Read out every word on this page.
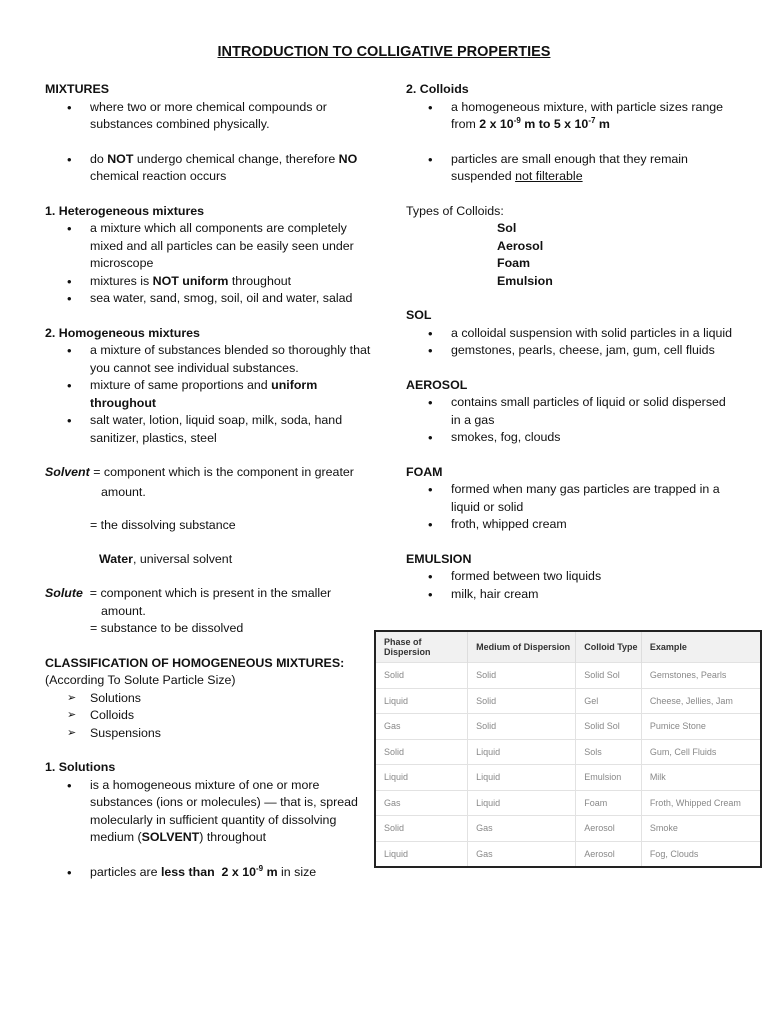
INTRODUCTION TO COLLIGATIVE PROPERTIES

MIXTURES

• where two or more chemical compounds or substances combined physically.
• do NOT undergo chemical change, therefore NO chemical reaction occurs

1. Heterogeneous mixtures

• a mixture which all components are completely mixed and all particles can be easily seen under microscope
• mixtures is NOT uniform throughout
• sea water, sand, smog, soil, oil and water, salad

2. Homogeneous mixtures

• a mixture of substances blended so thoroughly that you cannot see individual substances.
• mixture of same proportions and uniform throughout
• salt water, lotion, liquid soap, milk, soda, hand sanitizer, plastics, steel

Solvent = component which is the component in greater

amount.

= the dissolving substance

Water, universal solvent

Solute  = component which is present in the smaller

amount.

= substance to be dissolved

CLASSIFICATION OF HOMOGENEOUS MIXTURES:

(According To Solute Particle Size)

➢ Solutions
➢ Colloids
➢ Suspensions

1. Solutions

• is a homogeneous mixture of one or more substances (ions or molecules) — that is, spread molecularly in sufficient quantity of dissolving medium (SOLVENT) throughout
• particles are less than  2 x $10^{-9}$ m in size

2. Colloids

• a homogeneous mixture, with particle sizes range from 2 x $10^{-9}$ m to 5 x $10^{-7}$ m
• particles are small enough that they remain suspended not filterable

Types of Colloids:

Sol
Aerosol
Foam
Emulsion

SOL

• a colloidal suspension with solid particles in a liquid
• gemstones, pearls, cheese, jam, gum, cell fluids

AEROSOL

• contains small particles of liquid or solid dispersed in a gas
• smokes, fog, clouds

FOAM

• formed when many gas particles are trapped in a liquid or solid
• froth, whipped cream

EMULSION

• formed between two liquids
• milk, hair cream
Phase of Dispersion	Medium of Dispersion	Colloid Type	Example
Solid	Solid	Solid Sol	Gemstones, Pearls
Liquid	Solid	Gel	Cheese, Jellies, Jam
Gas	Solid	Solid Sol	Pumice Stone
Solid	Liquid	Sols	Gum, Cell Fluids
Liquid	Liquid	Emulsion	Milk
Gas	Liquid	Foam	Froth, Whipped Cream
Solid	Gas	Aerosol	Smoke
Liquid	Gas	Aerosol	Fog, Clouds
